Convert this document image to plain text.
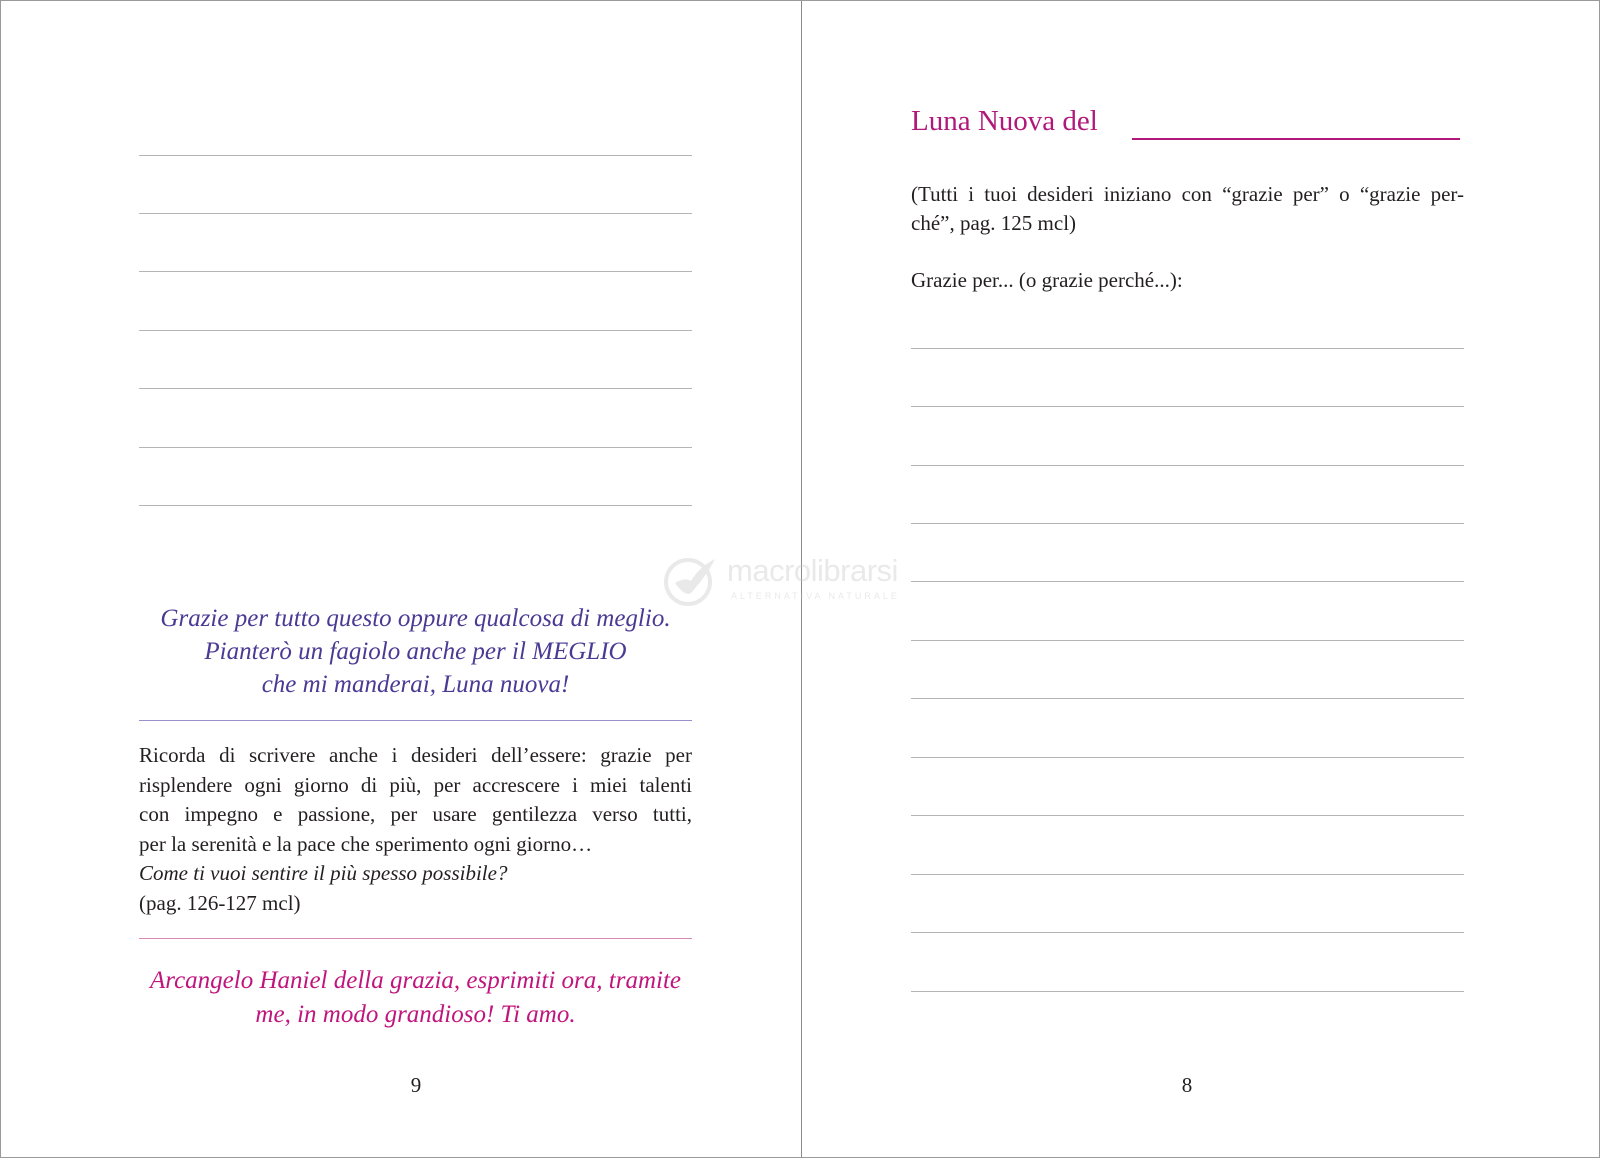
Grazie per tutto questo oppure qualcosa di meglio.
Pianterò un fagiolo anche per il MEGLIO
che mi manderai, Luna nuova!
Ricorda di scrivere anche i desideri dell’essere: grazie per
risplendere ogni giorno di più, per accrescere i miei talenti
con impegno e passione, per usare gentilezza verso tutti,
per la serenità e la pace che sperimento ogni giorno…
Come ti vuoi sentire il più spesso possibile?
(pag. 126-127 mcl)
Arcangelo Haniel della grazia, esprimiti ora, tramite
me, in modo grandioso! Ti amo.
9
Luna Nuova del
(Tutti i tuoi desideri iniziano con “grazie per” o “grazie per-
ché”, pag. 125 mcl)
Grazie per... (o grazie perché...):
8
macrolibrarsi
ALTERNATIVA NATURALE
